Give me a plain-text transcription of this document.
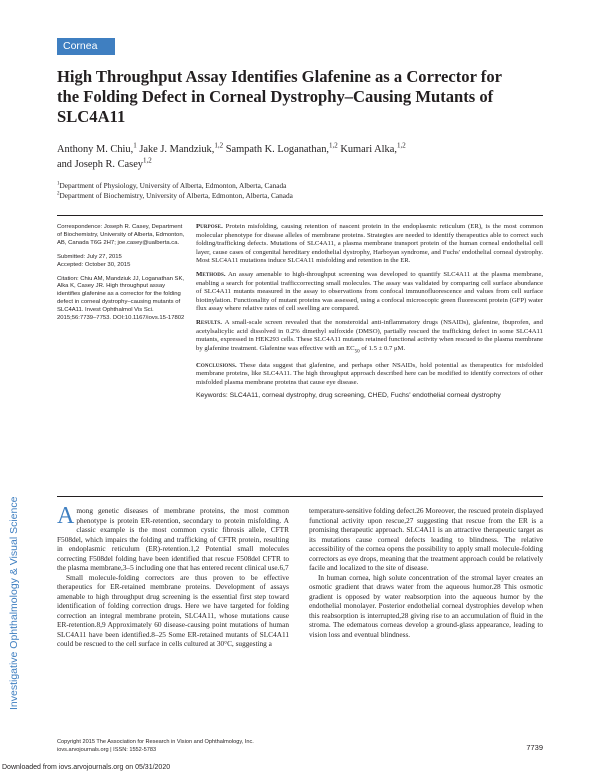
Cornea
High Throughput Assay Identifies Glafenine as a Corrector for the Folding Defect in Corneal Dystrophy–Causing Mutants of SLC4A11
Anthony M. Chiu,$^1$ Jake J. Mandziuk,$^{1,2}$ Sampath K. Loganathan,$^{1,2}$ Kumari Alka,$^{1,2}$
and Joseph R. Casey$^{1,2}$
$^1$Department of Physiology, University of Alberta, Edmonton, Alberta, Canada
$^2$Department of Biochemistry, University of Alberta, Edmonton, Alberta, Canada
Correspondence: Joseph R. Casey, Department of Biochemistry, University of Alberta, Edmonton, AB, Canada T6G 2H7; joe.casey@ualberta.ca.
Submitted: July 27, 2015
Accepted: October 30, 2015
Citation: Chiu AM, Mandziuk JJ, Loganathan SK, Alka K, Casey JR. High throughput assay identifies glafenine as a corrector for the folding defect in corneal dystrophy–causing mutants of SLC4A11. Invest Ophthalmol Vis Sci. 2015;56:7739–7753. DOI:10.1167/iovs.15-17802

Purpose. Protein misfolding, causing retention of nascent protein in the endoplasmic reticulum (ER), is the most common molecular phenotype for disease alleles of membrane proteins. Strategies are needed to identify therapeutics able to correct such folding/trafficking defects. Mutations of SLC4A11, a plasma membrane transport protein of the human corneal endothelial cell layer, cause cases of congenital hereditary endothelial dystrophy, Harboyan syndrome, and Fuchs' endothelial corneal dystrophy. Most SLC4A11 mutations induce SLC4A11 misfolding and retention in the ER.

Methods. An assay amenable to high-throughput screening was developed to quantify SLC4A11 at the plasma membrane, enabling a search for potential trafficcorrecting small molecules. The assay was validated by comparing cell surface abundance of SLC4A11 mutants measured in the assay to observations from confocal immunofluorescence and values from cell surface biotinylation. Functionality of mutant proteins was assessed, using a confocal microscopic green fluorescent protein (GFP) water flux assay where relative rates of cell swelling are compared.

Results. A small-scale screen revealed that the nonsteroidal anti-inflammatory drugs (NSAIDs), glafenine, ibuprofen, and acetylsalicylic acid dissolved in 0.2% dimethyl sulfoxide (DMSO), partially rescued the trafficking defect in some SLC4A11 mutants, expressed in HEK293 cells. These SLC4A11 mutants retained functional activity when rescued to the plasma membrane by glafenine treatment. Glafenine was effective with an $EC_{50}$ of 1.5 ± 0.7 μM.

Conclusions. These data suggest that glafenine, and perhaps other NSAIDs, hold potential as therapeutics for misfolded membrane proteins, like SLC4A11. The high throughput approach described here can be modified to identify correctors of other misfolded plasma membrane proteins that cause eye disease.

Keywords: SLC4A11, corneal dystrophy, drug screening, CHED, Fuchs' endothelial corneal dystrophy

Among genetic diseases of membrane proteins, the most common phenotype is protein ER-retention, secondary to protein misfolding. A classic example is the most common cystic fibrosis allele, CFTR F508del, which impairs the folding and trafficking of CFTR protein, resulting in endoplasmic reticulum (ER)-retention.1,2 Potential small molecules correcting F508del folding have been identified that rescue F508del CFTR to the plasma membrane,3–5 including one that has entered recent clinical use.6,7

Small molecule-folding correctors are thus proven to be effective therapeutics for ER-retained membrane proteins. Development of assays amenable to high throughput drug screening is the essential first step toward identification of folding correction drugs. Here we have targeted for folding correction an integral membrane protein, SLC4A11, whose mutations cause ER-retention.8,9 Approximately 60 disease-causing point mutations of human SLC4A11 have been identified.8–25 Some ER-retained mutants of SLC4A11 could be rescued to the cell surface in cells cultured at 30°C, suggesting a

temperature-sensitive folding defect.26 Moreover, the rescued protein displayed functional activity upon rescue,27 suggesting that rescue from the ER is a promising therapeutic approach. SLC4A11 is an attractive therapeutic target as its mutations cause corneal defects leading to blindness. The relative accessibility of the cornea opens the possibility to apply small molecule-folding correctors as eye drops, meaning that the treatment approach could be relatively facile and localized to the site of disease.

In human cornea, high solute concentration of the stromal layer creates an osmotic gradient that draws water from the aqueous humor.28 This osmotic gradient is opposed by water reabsorption into the aqueous humor by the endothelial monolayer. Posterior endothelial corneal dystrophies develop when this reabsorption is interrupted,28 giving rise to an accumulation of fluid in the stroma. The edematous corneas develop a ground-glass appearance, leading to vision loss and eventual blindness.

Investigative Ophthalmology & Visual Science
Copyright 2015 The Association for Research in Vision and Ophthalmology, Inc.
iovs.arvojournals.org | ISSN: 1552-5783	7739
Downloaded from iovs.arvojournals.org on 05/31/2020
